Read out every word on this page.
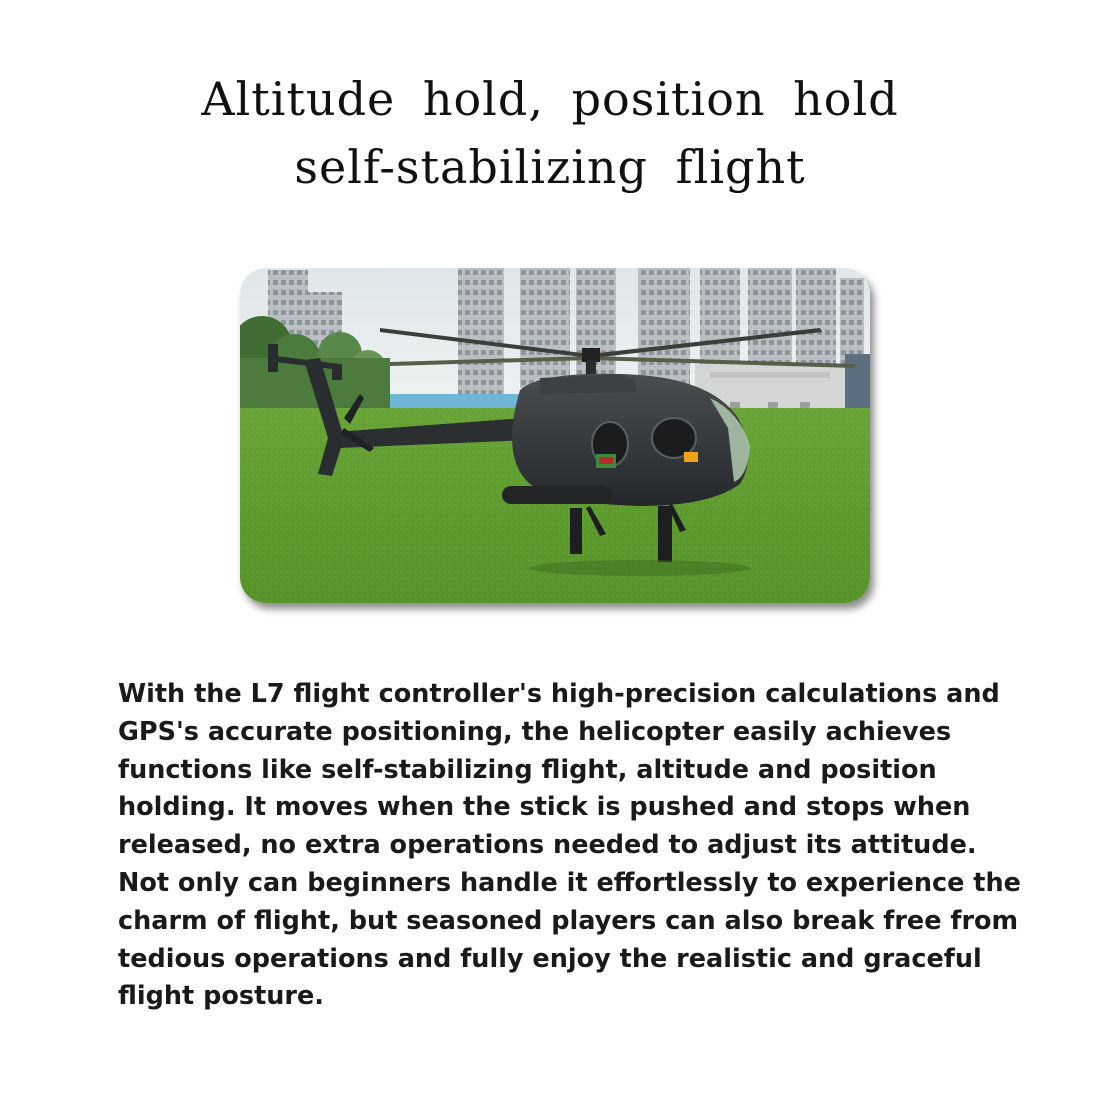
Altitude hold, position hold
self-stabilizing flight

With the L7 flight controller's high-precision calculations and
GPS's accurate positioning, the helicopter easily achieves
functions like self-stabilizing flight, altitude and position
holding. It moves when the stick is pushed and stops when
released, no extra operations needed to adjust its attitude.
Not only can beginners handle it effortlessly to experience the
charm of flight, but seasoned players can also break free from
tedious operations and fully enjoy the realistic and graceful
flight posture.
